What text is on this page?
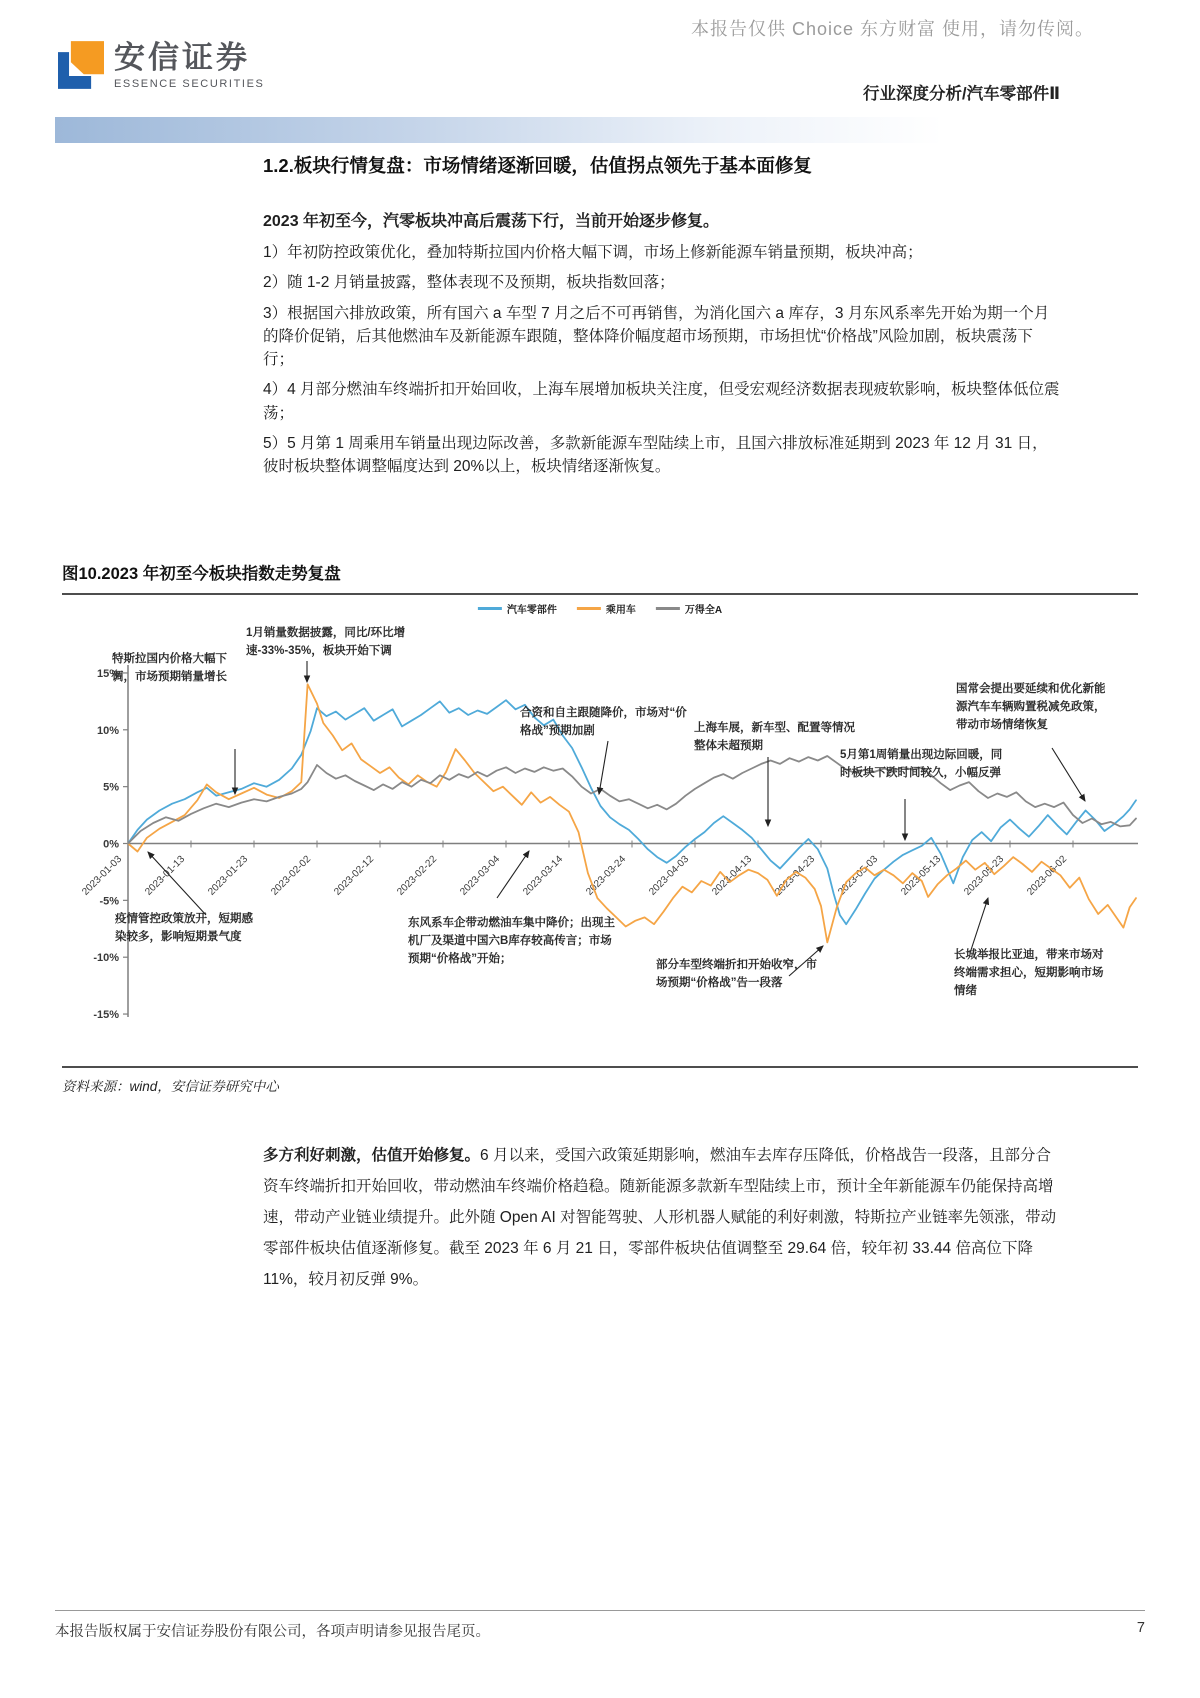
本报告仅供 Choice 东方财富 使用，请勿传阅。
安信证券
ESSENCE SECURITIES
行业深度分析/汽车零部件Ⅱ
1.2.板块行情复盘：市场情绪逐渐回暖，估值拐点领先于基本面修复

2023 年初至今，汽零板块冲高后震荡下行，当前开始逐步修复。

1）年初防控政策优化，叠加特斯拉国内价格大幅下调，市场上修新能源车销量预期，板块冲高；

2）随 1-2 月销量披露，整体表现不及预期，板块指数回落；

3）根据国六排放政策，所有国六 a 车型 7 月之后不可再销售，为消化国六 a 库存，3 月东风系率先开始为期一个月的降价促销，后其他燃油车及新能源车跟随，整体降价幅度超市场预期，市场担忧“价格战”风险加剧，板块震荡下行；

4）4 月部分燃油车终端折扣开始回收，上海车展增加板块关注度，但受宏观经济数据表现疲软影响，板块整体低位震荡；

5）5 月第 1 周乘用车销量出现边际改善，多款新能源车型陆续上市，且国六排放标准延期到 2023 年 12 月 31 日，彼时板块整体调整幅度达到 20%以上，板块情绪逐渐恢复。

图10.2023 年初至今板块指数走势复盘
15%
10%
5%
0%
-5%
-10%
-15%
2023-01-03 2023-01-13 2023-01-23 2023-02-02 2023-02-12 2023-02-22 2023-03-04 2023-03-14 2023-03-24 2023-04-03 2023-04-13 2023-04-23 2023-05-03 2023-05-13 2023-05-23 2023-06-02
汽车零部件	乘用车	万得全A
特斯拉国内价格大幅下调，市场预期销量增长
1月销量数据披露，同比/环比增速-33%-35%，板块开始下调
合资和自主跟随降价，市场对“价格战”预期加剧	上海车展，新车型、配置等情况整体未超预期
5月第1周销量出现边际回暖，同时板块下跌时间较久，小幅反弹
国常会提出要延续和优化新能源汽车车辆购置税减免政策，带动市场情绪恢复
疫情管控政策放开，短期感染较多，影响短期景气度
东风系车企带动燃油车集中降价；出现主机厂及渠道中国六B库存较高传言；市场预期“价格战”开始；
部分车型终端折扣开始收窄，市场预期“价格战”告一段落
长城举报比亚迪，带来市场对终端需求担心，短期影响市场情绪
资料来源：wind，安信证券研究中心

多方利好刺激，估值开始修复。6 月以来，受国六政策延期影响，燃油车去库存压降低，价格战告一段落，且部分合资车终端折扣开始回收，带动燃油车终端价格趋稳。随新能源多款新车型陆续上市，预计全年新能源车仍能保持高增速，带动产业链业绩提升。此外随 Open AI 对智能驾驶、人形机器人赋能的利好刺激，特斯拉产业链率先领涨，带动零部件板块估值逐渐修复。截至 2023 年 6 月 21 日，零部件板块估值调整至 29.64 倍，较年初 33.44 倍高位下降 11%，较月初反弹 9%。

本报告版权属于安信证券股份有限公司，各项声明请参见报告尾页。	7
